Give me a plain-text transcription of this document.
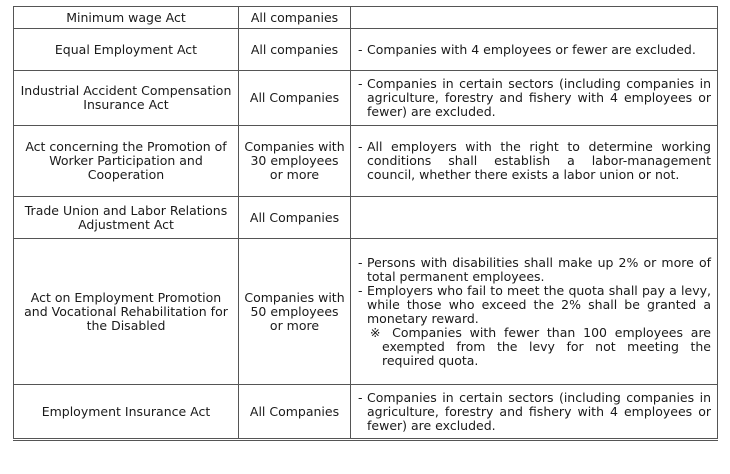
Minimum wage Act	All companies	
Equal Employment Act	All companies	- Companies with 4 employees or fewer are excluded.

Industrial Accident Compensation Insurance Act	All Companies	- Companies in certain sectors (including companies in agriculture, forestry and fishery with 4 employees or fewer) are excluded.

Act concerning the Promotion of Worker Participation and Cooperation	Companies with 30 employees or more	- All employers with the right to determine working conditions shall establish a labor-management council, whether there exists a labor union or not.

Trade Union and Labor Relations Adjustment Act	All Companies	
Act on Employment Promotion and Vocational Rehabilitation for the Disabled	Companies with 50 employees or more	- Persons with disabilities shall make up 2% or more of total permanent employees.
- Employers who fail to meet the quota shall pay a levy, while those who exceed the 2% shall be granted a monetary reward.
※ Companies with fewer than 100 employees are exempted from the levy for not meeting the required quota.

Employment Insurance Act	All Companies	- Companies in certain sectors (including companies in agriculture, forestry and fishery with 4 employees or fewer) are excluded.
